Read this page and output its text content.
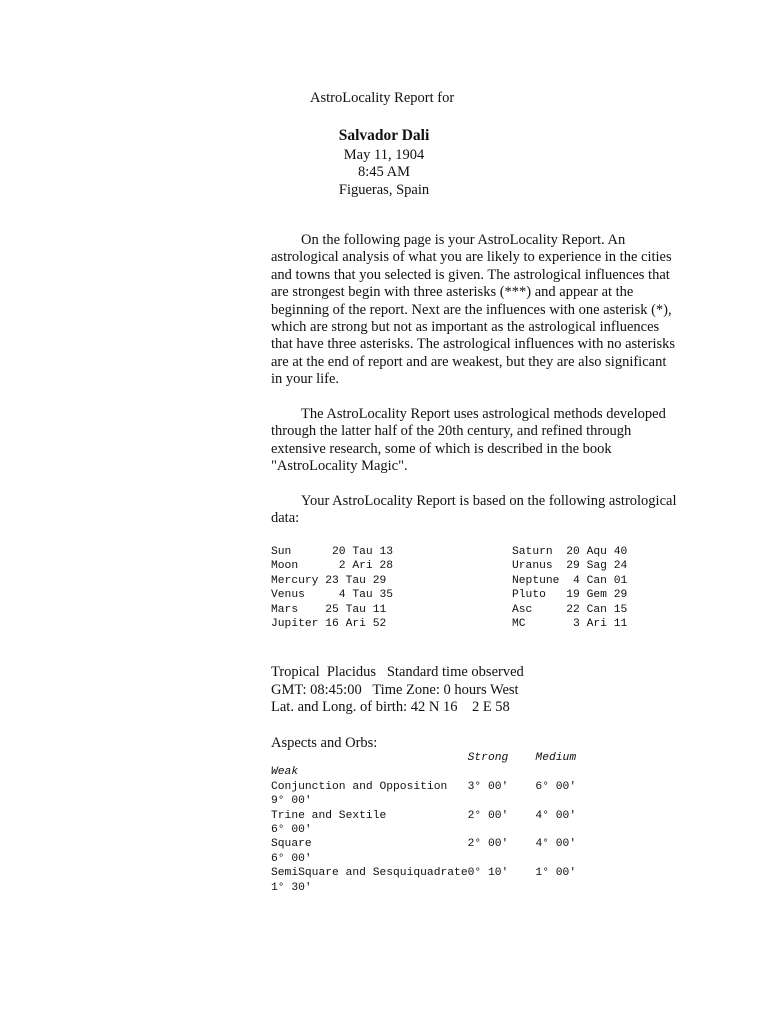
AstroLocality Report for
Salvador Dali
May 11, 1904
8:45 AM
Figueras, Spain

On the following page is your AstroLocality Report. An astrological analysis of what you are likely to experience in the cities and towns that you selected is given. The astrological influences that are strongest begin with three asterisks (***) and appear at the beginning of the report. Next are the influences with one asterisk (*), which are strong but not as important as the astrological influences that have three asterisks. The astrological influences with no asterisks are at the end of report and are weakest, but they are also significant in your life.

The AstroLocality Report uses astrological methods developed through the latter half of the 20th century, and refined through extensive research, some of which is described in the book "AstroLocality Magic".

Your AstroLocality Report is based on the following astrological data:

Sun      20 Tau 13
Moon      2 Ari 28
Mercury 23 Tau 29
Venus     4 Tau 35
Mars    25 Tau 11
Jupiter 16 Ari 52
Saturn  20 Aqu 40
Uranus  29 Sag 24
Neptune  4 Can 01
Pluto   19 Gem 29
Asc     22 Can 15
MC       3 Ari 11
Tropical  Placidus   Standard time observed
GMT: 08:45:00   Time Zone: 0 hours West
Lat. and Long. of birth: 42 N 16    2 E 58
Aspects and Orbs:
Strong Medium
Weak
Conjunction and Opposition 3° 00' 6° 00'
9° 00'
Trine and Sextile	2° 00' 4° 00'
6° 00'
Square	2° 00' 4° 00'
6° 00'
SemiSquare and Sesquiquadrate0° 10' 1° 00'
1° 30'
